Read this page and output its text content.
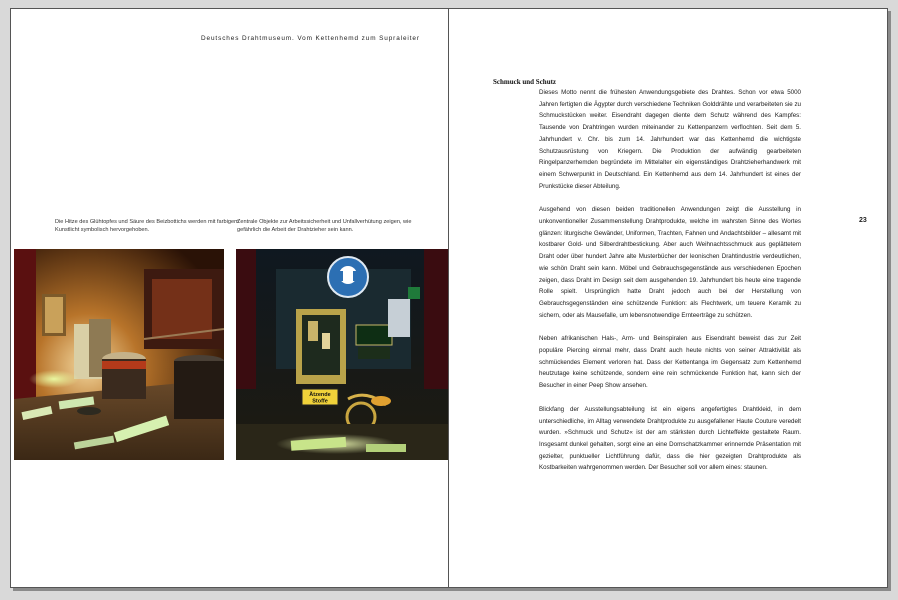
Deutsches Drahtmuseum. Vom Kettenhemd zum Supraleiter
Die Hitze des Glühtopfes und Säure des Beizbottichs werden mit farbigem Kunstlicht symbolisch hervorgehoben.
Zentrale Objekte zur Arbeitssicherheit und Unfallverhütung zeigen, wie gefährlich die Arbeit der Drahtzieher sein kann.
Ätzende
Stoffe
Schmuck und Schutz

Dieses Motto nennt die frühesten Anwendungsgebiete des Drahtes. Schon vor etwa 5000 Jahren fertigten die Ägypter durch verschiedene Techniken Golddrähte und verarbeiteten sie zu Schmuckstücken weiter. Eisendraht dagegen diente dem Schutz während des Kampfes: Tausende von Drahtringen wurden miteinander zu Kettenpanzern verflochten. Seit dem 5. Jahrhundert v. Chr. bis zum 14. Jahrhundert war das Kettenhemd die wichtigste Schutzausrüstung von Kriegern. Die Produktion der aufwändig gearbeiteten Ringelpanzerhemden begründete im Mittelalter ein eigenständiges Drahtzieherhandwerk mit einem Schwerpunkt in Deutschland. Ein Kettenhemd aus dem 14. Jahrhundert ist eines der Prunkstücke dieser Abteilung.

Ausgehend von diesen beiden traditionellen Anwendungen zeigt die Ausstellung in unkonventioneller Zusammenstellung Drahtprodukte, welche im wahrsten Sinne des Wortes glänzen: liturgische Gewänder, Uniformen, Trachten, Fahnen und Andachtsbilder – allesamt mit kostbarer Gold- und Silberdrahtbestickung. Aber auch Weihnachtsschmuck aus geplättetem Draht oder über hundert Jahre alte Musterbücher der leonischen Drahtindustrie verdeutlichen, wie schön Draht sein kann. Möbel und Gebrauchsgegenstände aus verschiedenen Epochen zeigen, dass Draht im Design seit dem ausgehenden 19. Jahrhundert bis heute eine tragende Rolle spielt. Ursprünglich hatte Draht jedoch auch bei der Herstellung von Gebrauchsgegenständen eine schützende Funktion: als Flechtwerk, um teuere Keramik zu sichern, oder als Mausefalle, um lebensnotwendige Ernteerträge zu schützen.

Neben afrikanischen Hals-, Arm- und Beinspiralen aus Eisendraht beweist das zur Zeit populäre Piercing einmal mehr, dass Draht auch heute nichts von seiner Attraktivität als schmückendes Element verloren hat. Dass der Kettentanga im Gegensatz zum Kettenhemd heutzutage keine schützende, sondern eine rein schmückende Funktion hat, kann sich der Besucher in einer Peep Show ansehen.

Blickfang der Ausstellungsabteilung ist ein eigens angefertigtes Drahtkleid, in dem unterschiedliche, im Alltag verwendete Drahtprodukte zu ausgefallener Haute Couture veredelt wurden. »Schmuck und Schutz« ist der am stärksten durch Lichteffekte gestaltete Raum. Insgesamt dunkel gehalten, sorgt eine an eine Domschatzkammer erinnernde Präsentation mit gezielter, punktueller Lichtführung dafür, dass die hier gezeigten Drahtprodukte als Kostbarkeiten wahrgenommen werden. Der Besucher soll vor allem eines: staunen.

23
